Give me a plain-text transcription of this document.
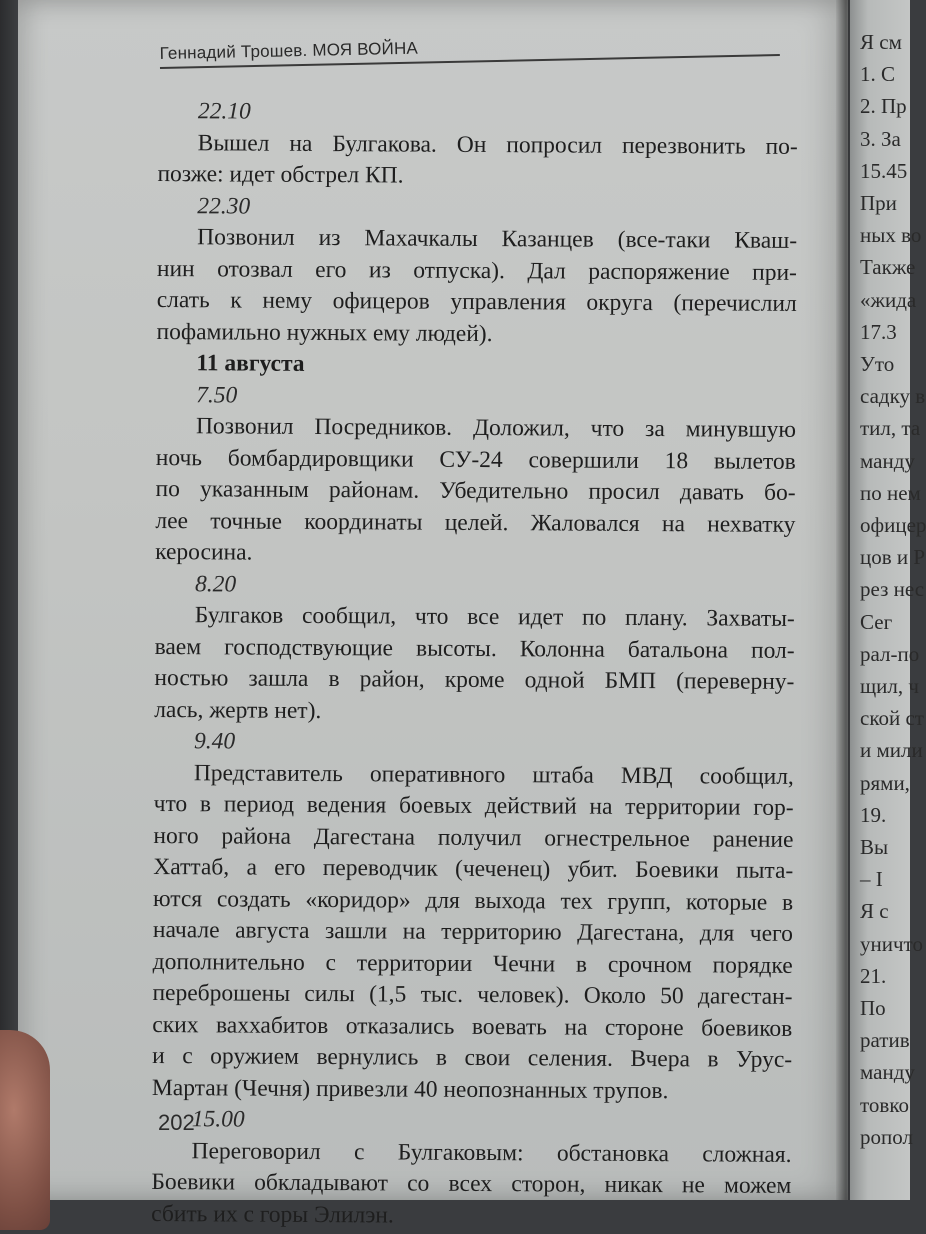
Я см
1. С
2. Пр
3. За
15.45
При
ных во
Также
«жида
17.3
Уто
садку в
тил, та
манду
по нем
офицер
цов и Р
рез нес
Сег
рал-по
щил, ч
ской ст
и мили
рями,
19.
Вы
– I
Я с
уничто
21.
По
ратив
манду
товко
ропол
Геннадий Трошев. МОЯ ВОЙНА
22.10
Вышел на Булгакова. Он попросил перезвонить по-
позже: идет обстрел КП.
22.30
Позвонил из Махачкалы Казанцев (все-таки Кваш-
нин отозвал его из отпуска). Дал распоряжение при-
слать к нему офицеров управления округа (перечислил
пофамильно нужных ему людей).
11 августа
7.50
Позвонил Посредников. Доложил, что за минувшую
ночь бомбардировщики СУ-24 совершили 18 вылетов
по указанным районам. Убедительно просил давать бо-
лее точные координаты целей. Жаловался на нехватку
керосина.
8.20
Булгаков сообщил, что все идет по плану. Захваты-
ваем господствующие высоты. Колонна батальона пол-
ностью зашла в район, кроме одной БМП (переверну-
лась, жертв нет).
9.40
Представитель оперативного штаба МВД сообщил,
что в период ведения боевых действий на территории гор-
ного района Дагестана получил огнестрельное ранение
Хаттаб, а его переводчик (чеченец) убит. Боевики пыта-
ются создать «коридор» для выхода тех групп, которые в
начале августа зашли на территорию Дагестана, для чего
дополнительно с территории Чечни в срочном порядке
переброшены силы (1,5 тыс. человек). Около 50 дагестан-
ских ваххабитов отказались воевать на стороне боевиков
и с оружием вернулись в свои селения. Вчера в Урус-
Мартан (Чечня) привезли 40 неопознанных трупов.
15.00
Переговорил с Булгаковым: обстановка сложная.
Боевики обкладывают со всех сторон, никак не можем
сбить их с горы Элилэн.
202
